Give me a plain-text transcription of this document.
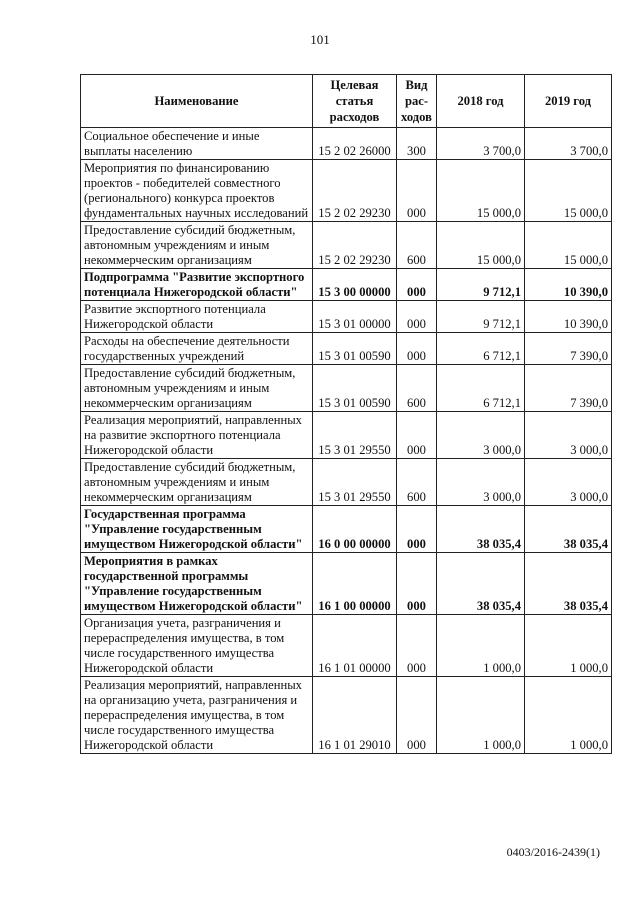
101
Наименование	Целевая статья расходов	Вид рас-ходов	2018 год	2019 год
Социальное обеспечение и иные выплаты населению	15 2 02 26000	300	3 700,0	3 700,0
Мероприятия по финансированию проектов - победителей совместного (регионального) конкурса проектов фундаментальных научных исследований	15 2 02 29230	000	15 000,0	15 000,0
Предоставление субсидий бюджетным, автономным учреждениям и иным некоммерческим организациям	15 2 02 29230	600	15 000,0	15 000,0
Подпрограмма "Развитие экспортного потенциала Нижегородской области"	15 3 00 00000	000	9 712,1	10 390,0
Развитие экспортного потенциала Нижегородской области	15 3 01 00000	000	9 712,1	10 390,0
Расходы на обеспечение деятельности государственных учреждений	15 3 01 00590	000	6 712,1	7 390,0
Предоставление субсидий бюджетным, автономным учреждениям и иным некоммерческим организациям	15 3 01 00590	600	6 712,1	7 390,0
Реализация мероприятий, направленных на развитие экспортного потенциала Нижегородской области	15 3 01 29550	000	3 000,0	3 000,0
Предоставление субсидий бюджетным, автономным учреждениям и иным некоммерческим организациям	15 3 01 29550	600	3 000,0	3 000,0
Государственная программа "Управление государственным имуществом Нижегородской области"	16 0 00 00000	000	38 035,4	38 035,4
Мероприятия в рамках государственной программы "Управление государственным имуществом Нижегородской области"	16 1 00 00000	000	38 035,4	38 035,4
Организация учета, разграничения и перераспределения имущества, в том числе государственного имущества Нижегородской области	16 1 01 00000	000	1 000,0	1 000,0
Реализация мероприятий, направленных на организацию учета, разграничения и перераспределения имущества, в том числе государственного имущества Нижегородской области	16 1 01 29010	000	1 000,0	1 000,0
0403/2016-2439(1)
